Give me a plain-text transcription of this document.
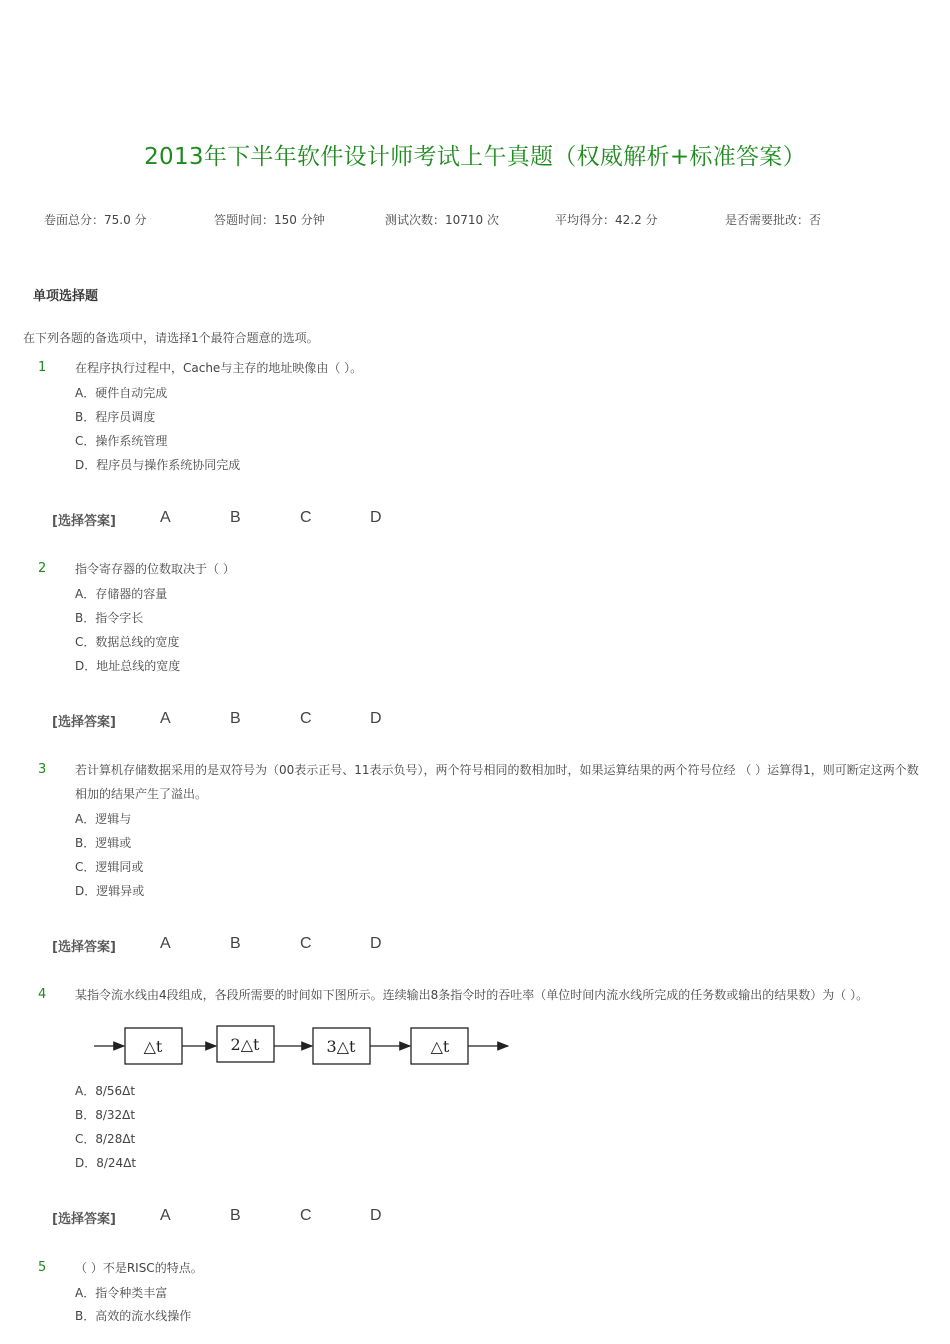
2013年下半年软件设计师考试上午真题（权威解析+标准答案）
卷面总分：75.0 分	答题时间：150 分钟	测试次数：10710 次	平均得分：42.2 分	是否需要批改：否
单项选择题
在下列各题的备选项中，请选择1个最符合题意的选项。
1 在程序执行过程中，Cache与主存的地址映像由（ ）。
A．硬件自动完成
B．程序员调度
C．操作系统管理
D．程序员与操作系统协同完成
[选择答案]	A	B	C	D
2 指令寄存器的位数取决于（ ）
A．存储器的容量
B．指令字长
C．数据总线的宽度
D．地址总线的宽度
[选择答案]	A	B	C	D
3 若计算机存储数据采用的是双符号为（00表示正号、11表示负号），两个符号相同的数相加时，如果运算结果的两个符号位经 （ ）运算得1，则可断定这两个数相加的结果产生了溢出。
A．逻辑与
B．逻辑或
C．逻辑同或
D．逻辑异或
[选择答案]	A	B	C	D
4 某指令流水线由4段组成，各段所需要的时间如下图所示。连续输出8条指令时的吞吐率（单位时间内流水线所完成的任务数或输出的结果数）为（ ）。
△t	2△t	3△t	△t
A．8/56Δt
B．8/32Δt
C．8/28Δt
D．8/24Δt
[选择答案]	A	B	C	D
5 （ ）不是RISC的特点。
A．指令种类丰富
B．高效的流水线操作
